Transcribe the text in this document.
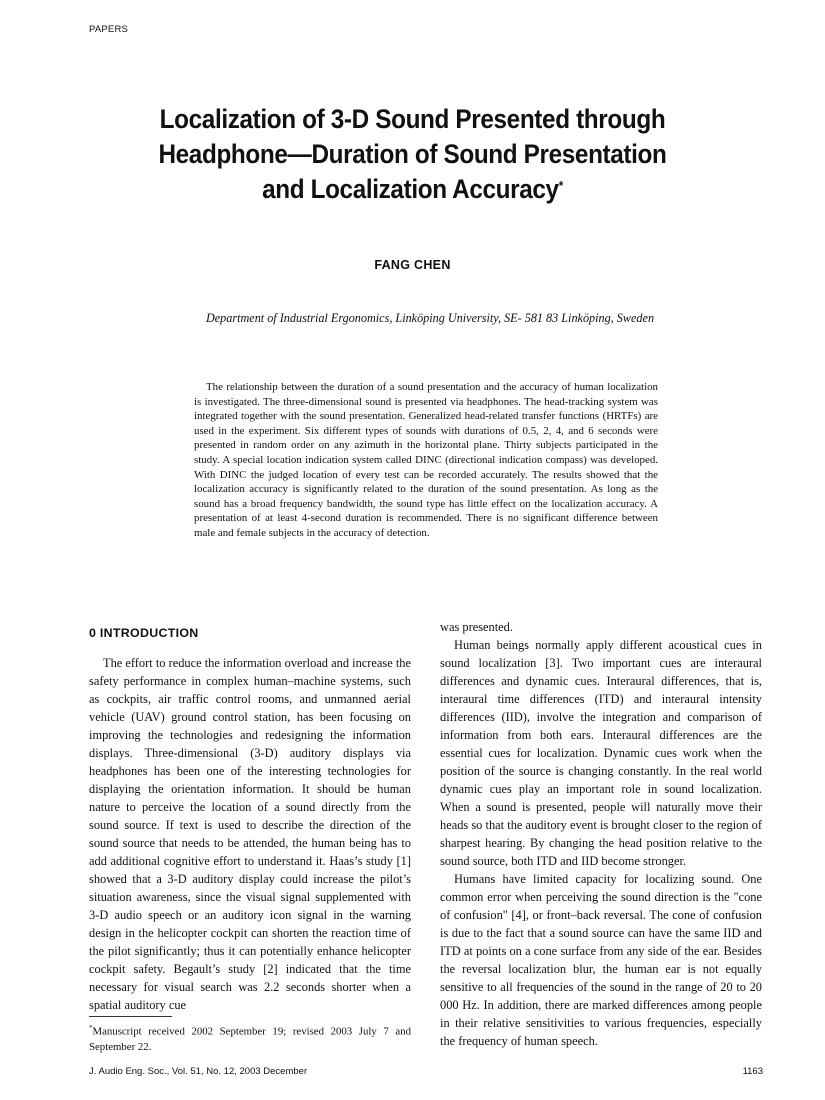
PAPERS
Localization of 3-D Sound Presented through
Headphone—Duration of Sound Presentation
and Localization Accuracy*
FANG CHEN
Department of Industrial Ergonomics, Linköping University, SE- 581 83 Linköping, Sweden

The relationship between the duration of a sound presentation and the accuracy of human localization is investigated. The three-dimensional sound is presented via headphones. The head-tracking system was integrated together with the sound presentation. Generalized head-related transfer functions (HRTFs) are used in the experiment. Six different types of sounds with durations of 0.5, 2, 4, and 6 seconds were presented in random order on any azimuth in the horizontal plane. Thirty subjects participated in the study. A special location indication system called DINC (directional indication compass) was developed. With DINC the judged location of every test can be recorded accurately. The results showed that the localization accuracy is significantly related to the duration of the sound presentation. As long as the sound has a broad frequency bandwidth, the sound type has little effect on the localization accuracy. A presentation of at least 4-second duration is recommended. There is no significant difference between male and female subjects in the accuracy of detection.

0 INTRODUCTION

The effort to reduce the information overload and increase the safety performance in complex human–machine systems, such as cockpits, air traffic control rooms, and unmanned aerial vehicle (UAV) ground control station, has been focusing on improving the technologies and redesigning the information displays. Three-dimensional (3-D) auditory displays via headphones has been one of the interesting technologies for displaying the orientation information. It should be human nature to perceive the location of a sound directly from the sound source. If text is used to describe the direction of the sound source that needs to be attended, the human being has to add additional cognitive effort to understand it. Haas’s study [1] showed that a 3-D auditory display could increase the pilot’s situation awareness, since the visual signal supplemented with 3-D audio speech or an auditory icon signal in the warning design in the helicopter cockpit can shorten the reaction time of the pilot significantly; thus it can potentially enhance helicopter cockpit safety. Begault’s study [2] indicated that the time necessary for visual search was 2.2 seconds shorter when a spatial auditory cue

was presented.

Human beings normally apply different acoustical cues in sound localization [3]. Two important cues are interaural differences and dynamic cues. Interaural differences, that is, interaural time differences (ITD) and interaural intensity differences (IID), involve the integration and comparison of information from both ears. Interaural differences are the essential cues for localization. Dynamic cues work when the position of the source is changing constantly. In the real world dynamic cues play an important role in sound localization. When a sound is presented, people will naturally move their heads so that the auditory event is brought closer to the region of sharpest hearing. By changing the head position relative to the sound source, both ITD and IID become stronger.

Humans have limited capacity for localizing sound. One common error when perceiving the sound direction is the "cone of confusion" [4], or front–back reversal. The cone of confusion is due to the fact that a sound source can have the same IID and ITD at points on a cone surface from any side of the ear. Besides the reversal localization blur, the human ear is not equally sensitive to all frequencies of the sound in the range of 20 to 20 000 Hz. In addition, there are marked differences among people in their relative sensitivities to various frequencies, especially the frequency of human speech.

*Manuscript received 2002 September 19; revised 2003 July 7 and September 22.
J. Audio Eng. Soc., Vol. 51, No. 12, 2003 December	1163
